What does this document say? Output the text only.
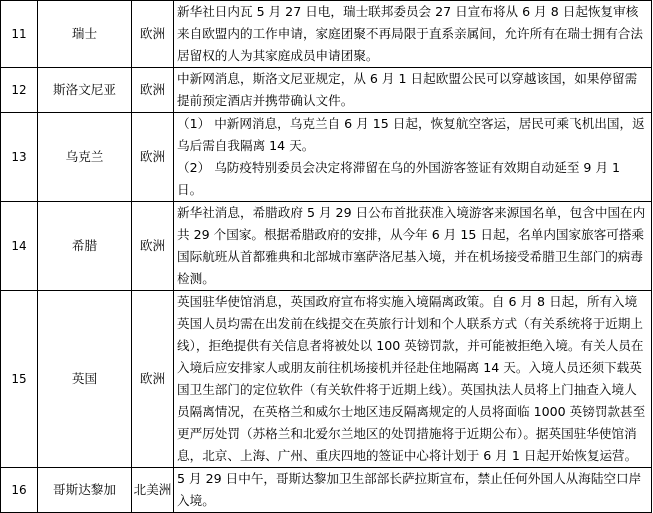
11	瑞士	欧洲	新华社日内瓦 5 月 27 日电，瑞士联邦委员会 27 日宣布将从 6 月 8 日起恢复审核来自欧盟内的工作申请，家庭团聚不再局限于直系亲属间，允许所有在瑞士拥有合法居留权的人为其家庭成员申请团聚。

12	斯洛文尼亚	欧洲	中新网消息，斯洛文尼亚规定，从 6 月 1 日起欧盟公民可以穿越该国，如果停留需提前预定酒店并携带确认文件。

13	乌克兰	欧洲	（1） 中新网消息，乌克兰自 6 月 15 日起，恢复航空客运，居民可乘飞机出国，返乌后需自我隔离 14 天。

（2） 乌防疫特别委员会决定将滞留在乌的外国游客签证有效期自动延至 9 月 1 日。

14	希腊	欧洲	新华社消息，希腊政府 5 月 29 日公布首批获准入境游客来源国名单，包含中国在内共 29 个国家。根据希腊政府的安排，从今年 6 月 15 日起，名单内国家旅客可搭乘国际航班从首都雅典和北部城市塞萨洛尼基入境，并在机场接受希腊卫生部门的病毒检测。

15	英国	欧洲	英国驻华使馆消息，英国政府宣布将实施入境隔离政策。自 6 月 8 日起，所有入境英国人员均需在出发前在线提交在英旅行计划和个人联系方式（有关系统将于近期上线），拒绝提供有关信息者将被处以 100 英镑罚款，并可能被拒绝入境。有关人员在入境后应安排家人或朋友前往机场接机并径赴住地隔离 14 天。入境人员还须下载英国卫生部门的定位软件（有关软件将于近期上线）。英国执法人员将上门抽查入境人员隔离情况，在英格兰和威尔士地区违反隔离规定的人员将面临 1000 英镑罚款甚至更严厉处罚（苏格兰和北爱尔兰地区的处罚措施将于近期公布）。据英国驻华使馆消息，北京、上海、广州、重庆四地的签证中心将计划于 6 月 1 日起开始恢复运营。

16	哥斯达黎加	北美洲	5 月 29 日中午，哥斯达黎加卫生部部长萨拉斯宣布，禁止任何外国人从海陆空口岸入境。
